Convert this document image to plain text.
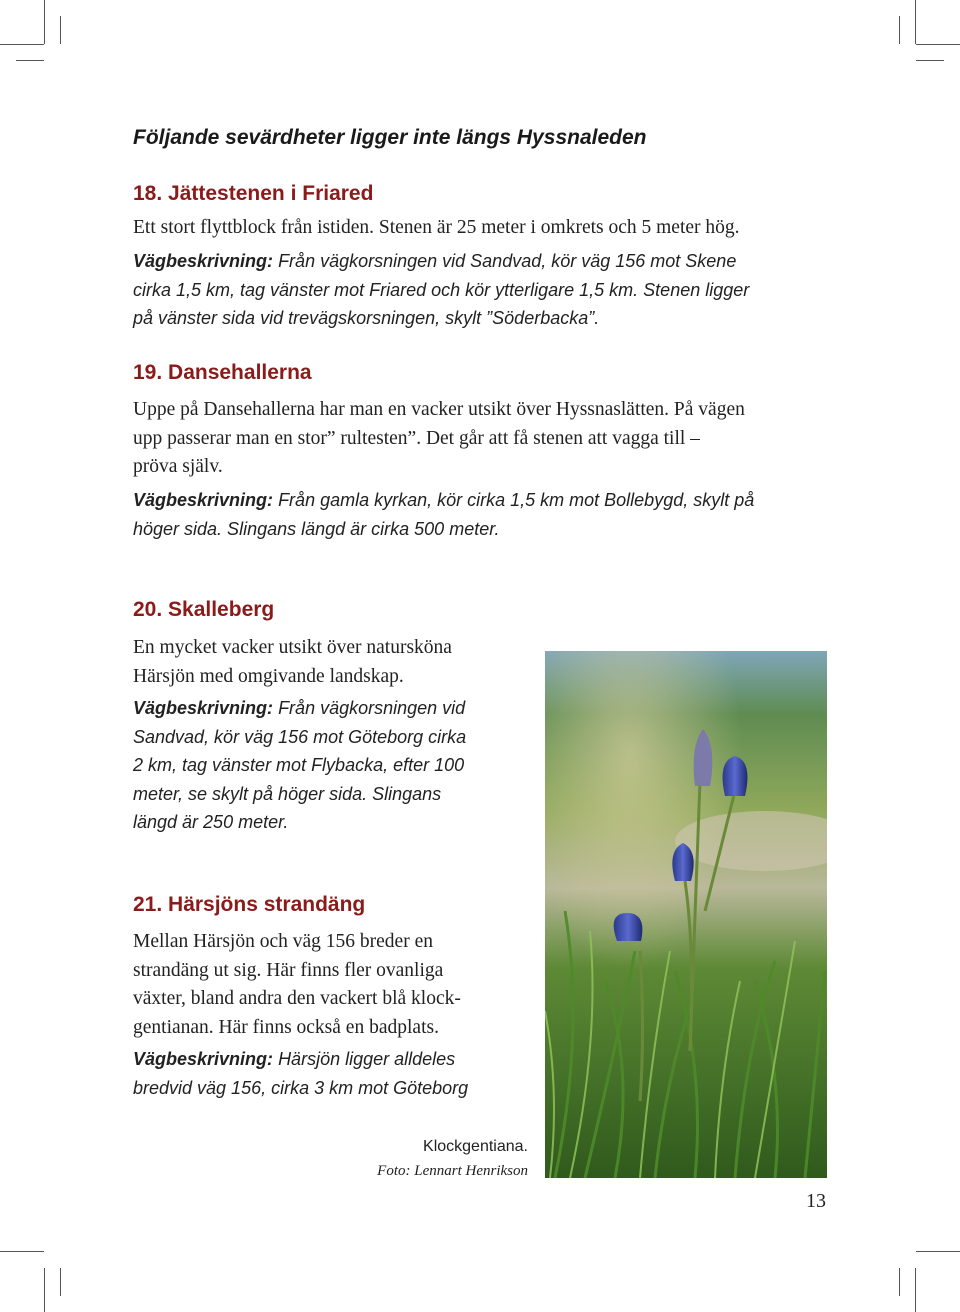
Följande sevärdheter ligger inte längs Hyssnaleden
18. Jättestenen i Friared

Ett stort flyttblock från istiden. Stenen är 25 meter i omkrets och 5 meter hög.

Vägbeskrivning: Från vägkorsningen vid Sandvad, kör väg 156 mot Skene
cirka 1,5 km, tag vänster mot Friared och kör ytterligare 1,5 km. Stenen ligger
på vänster sida vid trevägskorsningen, skylt ”Söderbacka”.

19. Dansehallerna

Uppe på Dansehallerna har man en vacker utsikt över Hyssnaslätten. På vägen
upp passerar man en stor” rultesten”. Det går att få stenen att vagga till –
pröva själv.

Vägbeskrivning: Från gamla kyrkan, kör cirka 1,5 km mot Bollebygd, skylt på
höger sida. Slingans längd är cirka 500 meter.

20. Skalleberg

En mycket vacker utsikt över natursköna
Härsjön med omgivande landskap.

Vägbeskrivning: Från vägkorsningen vid
Sandvad, kör väg 156 mot Göteborg cirka
2 km, tag vänster mot Flybacka, efter 100
meter, se skylt på höger sida. Slingans
längd är 250 meter.

21. Härsjöns strandäng

Mellan Härsjön och väg 156 breder en
strandäng ut sig. Här finns fler ovanliga
växter, bland andra den vackert blå klock-
gentianan. Här finns också en badplats.

Vägbeskrivning: Härsjön ligger alldeles
bredvid väg 156, cirka 3 km mot Göteborg

Klockgentiana.

Foto: Lennart Henrikson

13
